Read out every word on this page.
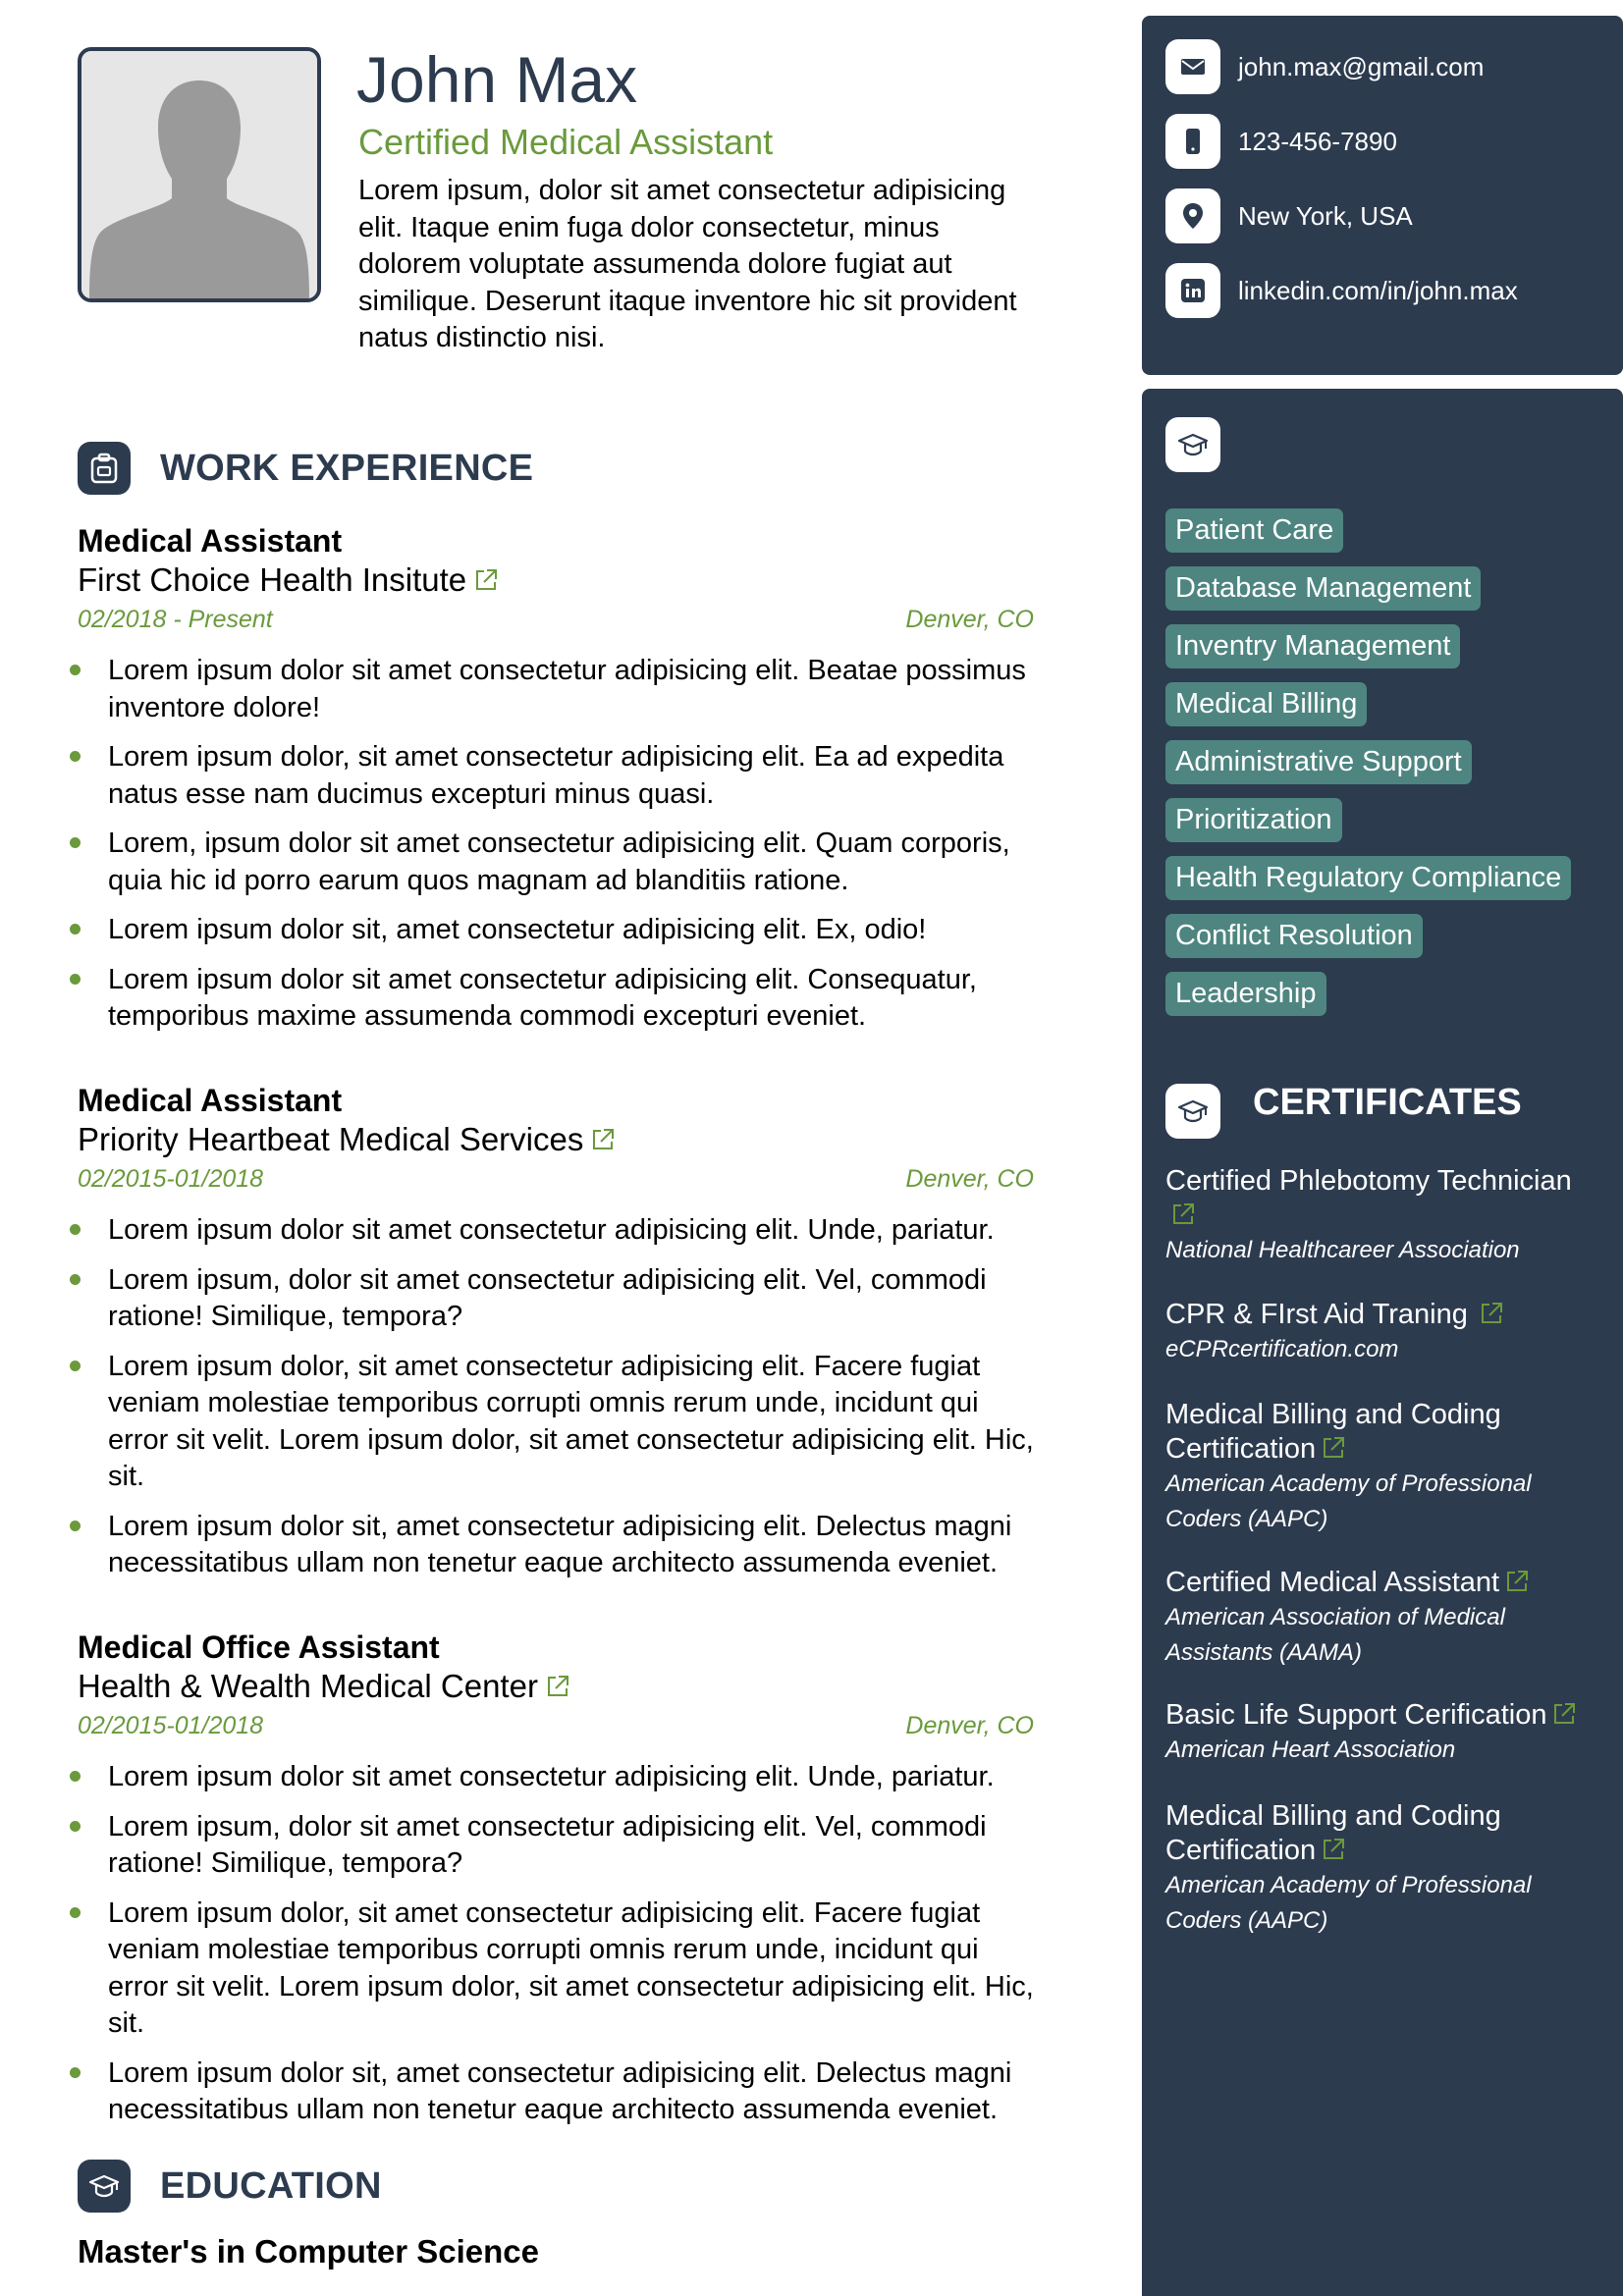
John Max
Certified Medical Assistant
Lorem ipsum, dolor sit amet consectetur adipisicing elit. Itaque enim fuga dolor consectetur, minus dolorem voluptate assumenda dolore fugiat aut similique. Deserunt itaque inventore hic sit provident natus distinctio nisi.
WORK EXPERIENCE
Medical Assistant
First Choice Health Insitute
02/2018 - Present	Denver, CO
Lorem ipsum dolor sit amet consectetur adipisicing elit. Beatae possimus inventore dolore!
Lorem ipsum dolor, sit amet consectetur adipisicing elit. Ea ad expedita natus esse nam ducimus excepturi minus quasi.
Lorem, ipsum dolor sit amet consectetur adipisicing elit. Quam corporis, quia hic id porro earum quos magnam ad blanditiis ratione.
Lorem ipsum dolor sit, amet consectetur adipisicing elit. Ex, odio!
Lorem ipsum dolor sit amet consectetur adipisicing elit. Consequatur, temporibus maxime assumenda commodi excepturi eveniet.
Medical Assistant
Priority Heartbeat Medical Services
02/2015-01/2018	Denver, CO
Lorem ipsum dolor sit amet consectetur adipisicing elit. Unde, pariatur.
Lorem ipsum, dolor sit amet consectetur adipisicing elit. Vel, commodi ratione! Similique, tempora?
Lorem ipsum dolor, sit amet consectetur adipisicing elit. Facere fugiat veniam molestiae temporibus corrupti omnis rerum unde, incidunt qui error sit velit. Lorem ipsum dolor, sit amet consectetur adipisicing elit. Hic, sit.
Lorem ipsum dolor sit, amet consectetur adipisicing elit. Delectus magni necessitatibus ullam non tenetur eaque architecto assumenda eveniet.
Medical Office Assistant
Health & Wealth Medical Center
02/2015-01/2018	Denver, CO
Lorem ipsum dolor sit amet consectetur adipisicing elit. Unde, pariatur.
Lorem ipsum, dolor sit amet consectetur adipisicing elit. Vel, commodi ratione! Similique, tempora?
Lorem ipsum dolor, sit amet consectetur adipisicing elit. Facere fugiat veniam molestiae temporibus corrupti omnis rerum unde, incidunt qui error sit velit. Lorem ipsum dolor, sit amet consectetur adipisicing elit. Hic, sit.
Lorem ipsum dolor sit, amet consectetur adipisicing elit. Delectus magni necessitatibus ullam non tenetur eaque architecto assumenda eveniet.
EDUCATION
Master's in Computer Science
john.max@gmail.com
123-456-7890
New York, USA
linkedin.com/in/john.max
Patient Care
Database Management
Inventry Management
Medical Billing
Administrative Support
Prioritization
Health Regulatory Compliance
Conflict Resolution
Leadership
CERTIFICATES
Certified Phlebotomy Technician

National Healthcareer Association
CPR & FIrst Aid Traning
eCPRcertification.com
Medical Billing and Coding Certification
American Academy of Professional Coders (AAPC)
Certified Medical Assistant
American Association of Medical Assistants (AAMA)
Basic Life Support Cerification
American Heart Association
Medical Billing and Coding Certification
American Academy of Professional Coders (AAPC)
